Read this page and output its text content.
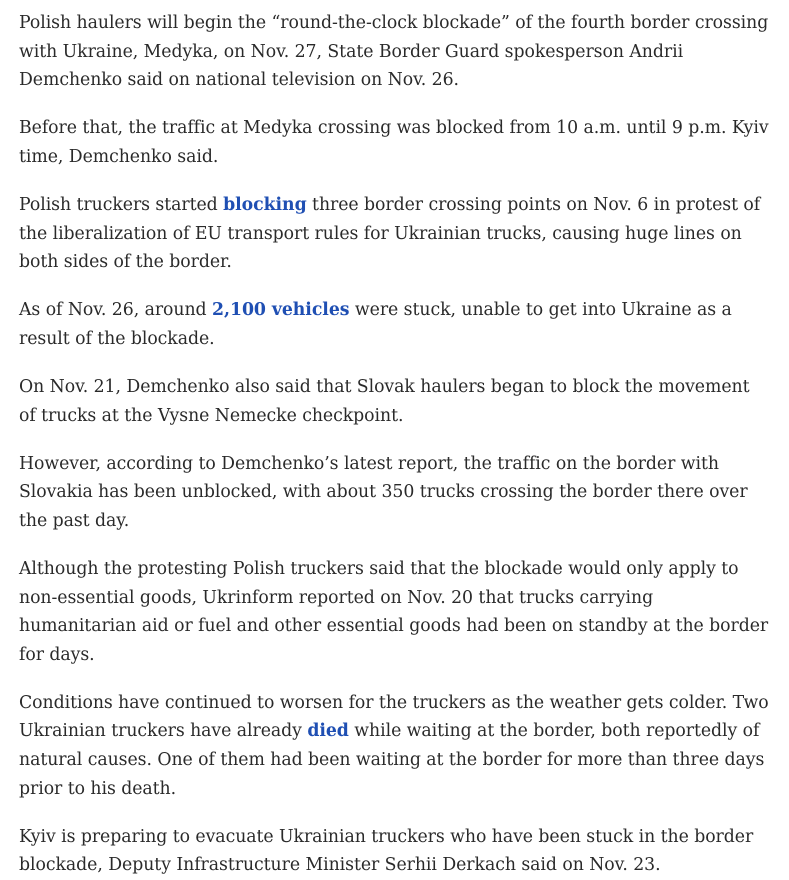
Polish haulers will begin the “round-the-clock blockade” of the fourth border crossing with Ukraine, Medyka, on Nov. 27, State Border Guard spokesperson Andrii Demchenko said on national television on Nov. 26.

Before that, the traffic at Medyka crossing was blocked from 10 a.m. until 9 p.m. Kyiv time, Demchenko said.

Polish truckers started blocking three border crossing points on Nov. 6 in protest of the liberalization of EU transport rules for Ukrainian trucks, causing huge lines on both sides of the border.

As of Nov. 26, around 2,100 vehicles were stuck, unable to get into Ukraine as a result of the blockade.

On Nov. 21, Demchenko also said that Slovak haulers began to block the movement of trucks at the Vysne Nemecke checkpoint.

However, according to Demchenko’s latest report, the traffic on the border with Slovakia has been unblocked, with about 350 trucks crossing the border there over the past day.

Although the protesting Polish truckers said that the blockade would only apply to non-essential goods, Ukrinform reported on Nov. 20 that trucks carrying humanitarian aid or fuel and other essential goods had been on standby at the border for days.

Conditions have continued to worsen for the truckers as the weather gets colder. Two Ukrainian truckers have already died while waiting at the border, both reportedly of natural causes. One of them had been waiting at the border for more than three days prior to his death.

Kyiv is preparing to evacuate Ukrainian truckers who have been stuck in the border blockade, Deputy Infrastructure Minister Serhii Derkach said on Nov. 23.
